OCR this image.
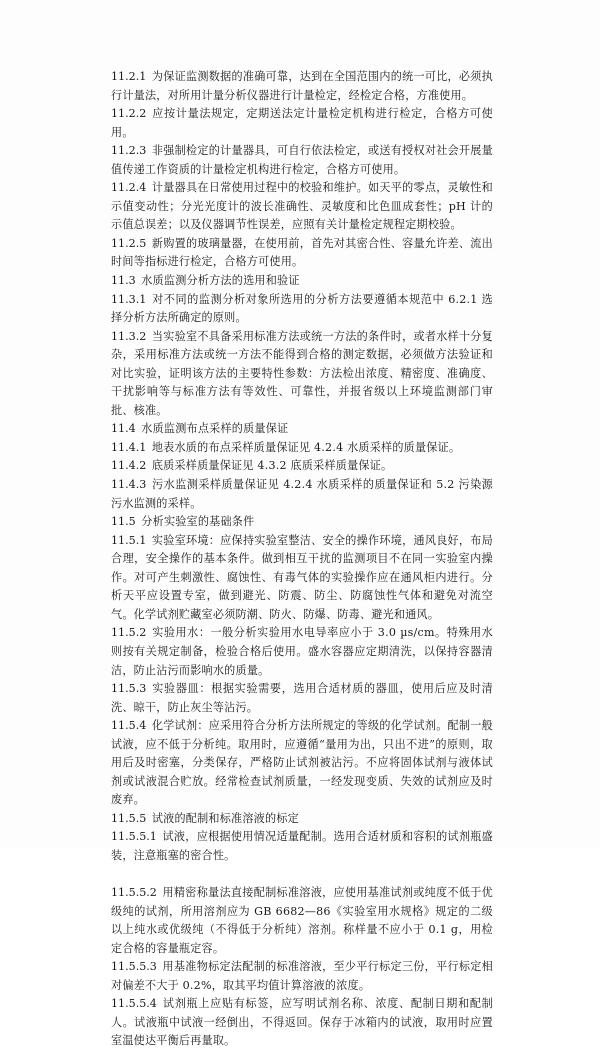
11.2.1 为保证监测数据的准确可靠，达到在全国范围内的统一可比，必须执行计量法，对所用计量分析仪器进行计量检定，经检定合格，方准使用。

11.2.2 应按计量法规定，定期送法定计量检定机构进行检定，合格方可使用。

11.2.3 非强制检定的计量器具，可自行依法检定，或送有授权对社会开展量值传递工作资质的计量检定机构进行检定，合格方可使用。

11.2.4 计量器具在日常使用过程中的校验和维护。如天平的零点，灵敏性和示值变动性；分光光度计的波长准确性、灵敏度和比色皿成套性；pH 计的示值总误差；以及仪器调节性误差，应照有关计量检定规程定期校验。

11.2.5 新购置的玻璃量器，在使用前，首先对其密合性、容量允许差、流出时间等指标进行检定，合格方可使用。

11.3 水质监测分析方法的选用和验证

11.3.1 对不同的监测分析对象所选用的分析方法要遵循本规范中 6.2.1 选择分析方法所确定的原则。

11.3.2 当实验室不具备采用标准方法或统一方法的条件时，或者水样十分复杂，采用标准方法或统一方法不能得到合格的测定数据，必须做方法验证和对比实验，证明该方法的主要特性参数：方法检出浓度、精密度、准确度、干扰影响等与标准方法有等效性、可靠性，并报省级以上环境监测部门审批、核准。

11.4 水质监测布点采样的质量保证

11.4.1 地表水质的布点采样质量保证见 4.2.4 水质采样的质量保证。

11.4.2 底质采样质量保证见 4.3.2 底质采样质量保证。

11.4.3 污水监测采样质量保证见 4.2.4 水质采样的质量保证和 5.2 污染源污水监测的采样。

11.5 分析实验室的基础条件

11.5.1 实验室环境：应保持实验室整洁、安全的操作环境，通风良好，布局合理，安全操作的基本条件。做到相互干扰的监测项目不在同一实验室内操作。对可产生刺激性、腐蚀性、有毒气体的实验操作应在通风柜内进行。分析天平应设置专室，做到避光、防震、防尘、防腐蚀性气体和避免对流空气。化学试剂贮藏室必须防潮、防火、防爆、防毒、避光和通风。

11.5.2 实验用水：一般分析实验用水电导率应小于 3.0 µs/cm。特殊用水则按有关规定制备，检验合格后使用。盛水容器应定期清洗，以保持容器清洁，防止沾污而影响水的质量。

11.5.3 实验器皿：根据实验需要，选用合适材质的器皿，使用后应及时清洗、晾干，防止灰尘等沾污。

11.5.4 化学试剂：应采用符合分析方法所规定的等级的化学试剂。配制一般试液，应不低于分析纯。取用时，应遵循“量用为出，只出不进”的原则，取用后及时密塞，分类保存，严格防止试剂被沾污。不应将固体试剂与液体试剂或试液混合贮放。经常检查试剂质量，一经发现变质、失效的试剂应及时废弃。

11.5.5 试液的配制和标准溶液的标定

11.5.5.1 试液，应根据使用情况适量配制。选用合适材质和容积的试剂瓶盛装，注意瓶塞的密合性。

11.5.5.2 用精密称量法直接配制标准溶液，应使用基准试剂或纯度不低于优级纯的试剂，所用溶剂应为 GB 6682—86《实验室用水规格》规定的二级以上纯水或优级纯（不得低于分析纯）溶剂。称样量不应小于 0.1 g，用检定合格的容量瓶定容。

11.5.5.3 用基准物标定法配制的标准溶液，至少平行标定三份，平行标定相对偏差不大于 0.2%，取其平均值计算溶液的浓度。

11.5.5.4 试剂瓶上应贴有标签，应写明试剂名称、浓度、配制日期和配制人。试液瓶中试液一经倒出，不得返回。保存于冰箱内的试液，取用时应置室温使达平衡后再量取。
